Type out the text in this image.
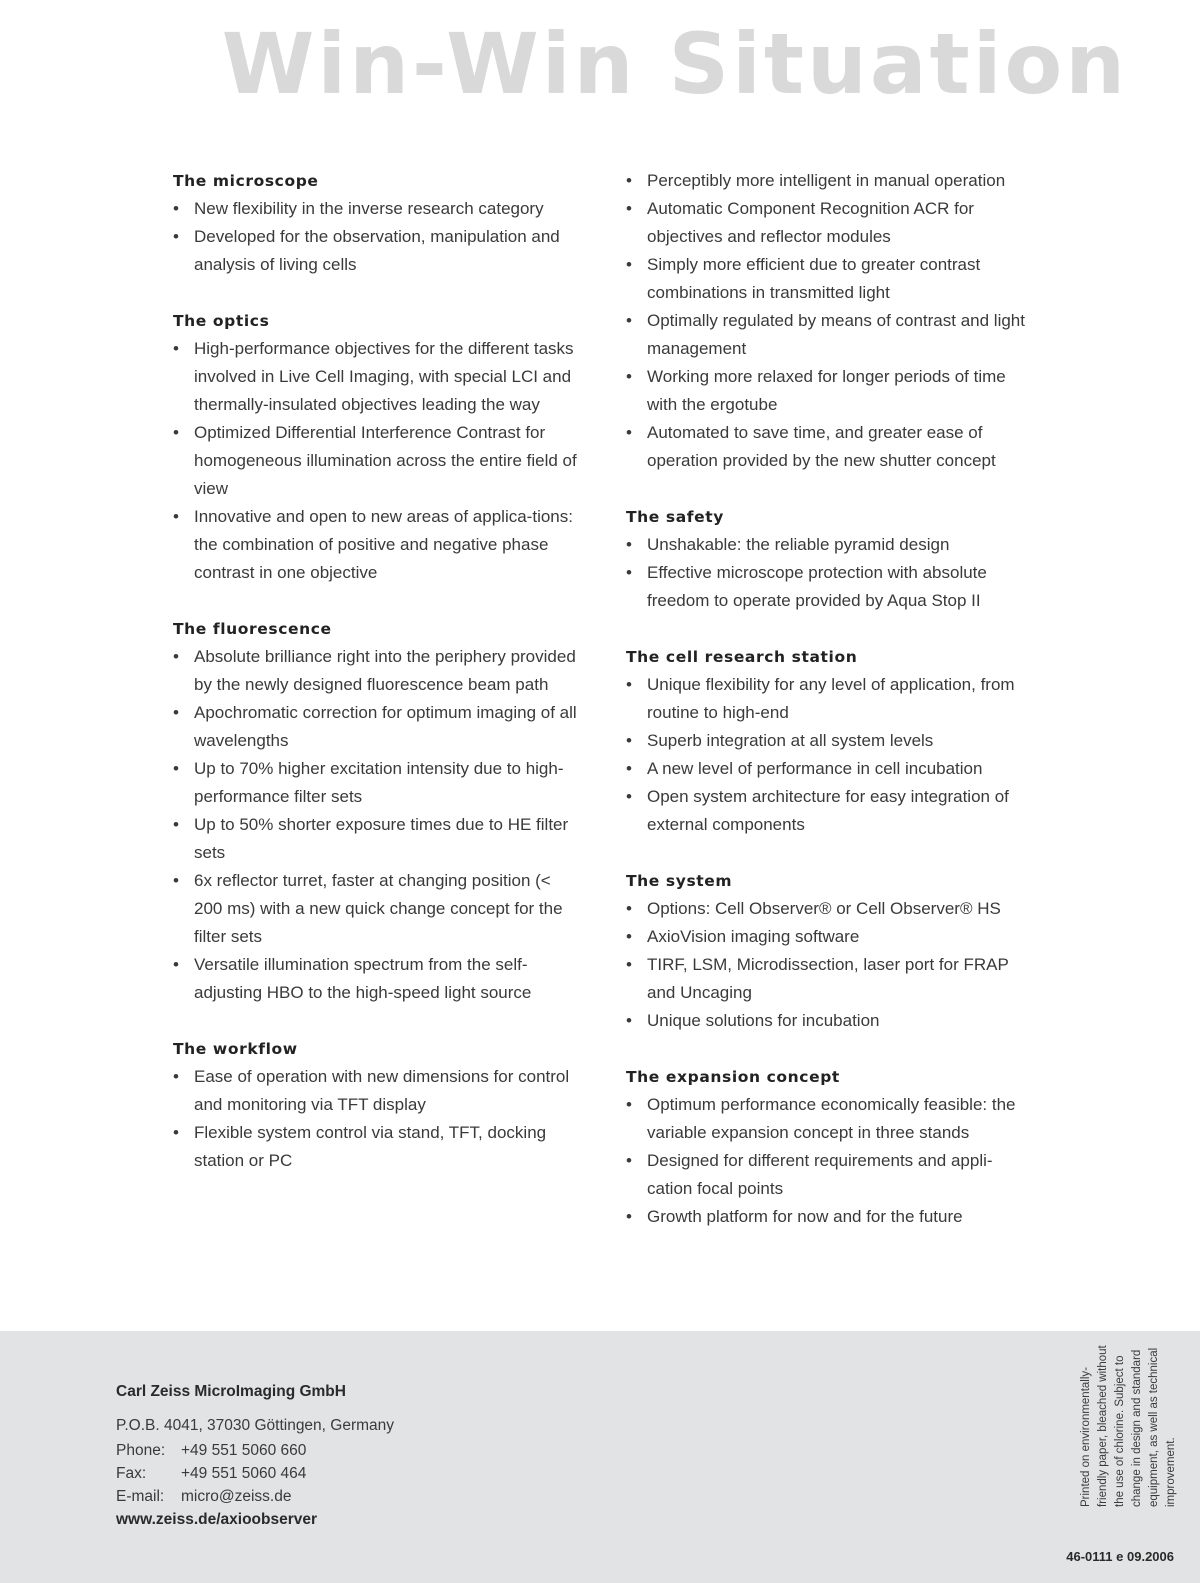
Win-Win Situation
The microscope
• New flexibility in the inverse research category
• Developed for the observation, manipulation and analysis of living cells
The optics
• High-performance objectives for the different tasks involved in Live Cell Imaging, with special LCI and thermally-insulated objectives leading the way
• Optimized Differential Interference Contrast for homogeneous illumination across the entire field of view
• Innovative and open to new areas of applica-tions: the combination of positive and negative phase contrast in one objective
The fluorescence
• Absolute brilliance right into the periphery provided by the newly designed fluorescence beam path
• Apochromatic correction for optimum imaging of all wavelengths
• Up to 70% higher excitation intensity due to high-performance filter sets
• Up to 50% shorter exposure times due to HE filter sets
• 6x reflector turret, faster at changing position (< 200 ms) with a new quick change concept for the filter sets
• Versatile illumination spectrum from the self-adjusting HBO to the high-speed light source
The workflow
• Ease of operation with new dimensions for control and monitoring via TFT display
• Flexible system control via stand, TFT, docking station or PC
• Perceptibly more intelligent in manual operation
• Automatic Component Recognition ACR for objectives and reflector modules
• Simply more efficient due to greater contrast combinations in transmitted light
• Optimally regulated by means of contrast and light management
• Working more relaxed for longer periods of time with the ergotube
• Automated to save time, and greater ease of operation provided by the new shutter concept
The safety
• Unshakable: the reliable pyramid design
• Effective microscope protection with absolute freedom to operate provided by Aqua Stop II
The cell research station
• Unique flexibility for any level of application, from routine to high-end
• Superb integration at all system levels
• A new level of performance in cell incubation
• Open system architecture for easy integration of external components
The system
• Options: Cell Observer® or Cell Observer® HS
• AxioVision imaging software
• TIRF, LSM, Microdissection, laser port for FRAP and Uncaging
• Unique solutions for incubation
The expansion concept
• Optimum performance economically feasible: the variable expansion concept in three stands
• Designed for different requirements and appli-cation focal points
• Growth platform for now and for the future
Carl Zeiss MicroImaging GmbH
P.O.B. 4041, 37030 Göttingen, Germany
Phone: +49 551 5060 660
Fax: +49 551 5060 464
E-mail: micro@zeiss.de
www.zeiss.de/axioobserver
Printed on environmentally-friendly paper, bleached without the use of chlorine. Subject to change in design and standard equipment, as well as technical improvement.
46-0111 e 09.2006
